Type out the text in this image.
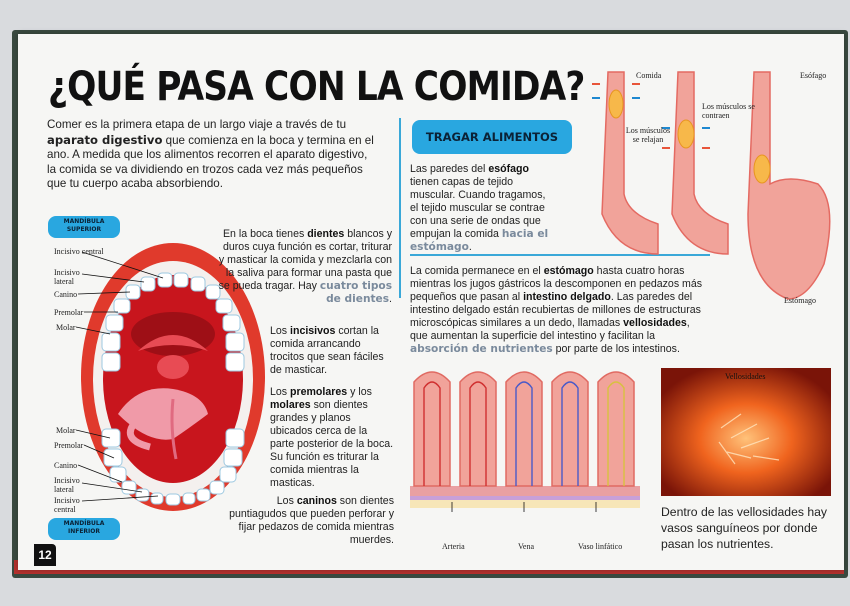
¿QUÉ PASA CON LA COMIDA?
Comer es la primera etapa de un largo viaje a través de tu aparato digestivo que comienza en la boca y termina en el ano. A medida que los alimentos recorren el aparato digestivo, la comida se va dividiendo en trozos cada vez más pequeños que tu cuerpo acaba absorbiendo.
TRAGAR ALIMENTOS
Las paredes del esófago tienen capas de tejido muscular. Cuando tragamos, el tejido muscular se contrae con una serie de ondas que empujan la comida hacia el estómago.
La comida permanece en el estómago hasta cuatro horas mientras los jugos gástricos la descomponen en pedazos más pequeños que pasan al intestino delgado. Las paredes del intestino delgado están recubiertas de millones de estructuras microscópicas similares a un dedo, llamadas vellosidades, que aumentan la superficie del intestino y facilitan la absorción de nutrientes por parte de los intestinos.
MANDÍBULA SUPERIOR
MANDÍBULA INFERIOR
Incisivo central
Incisivo lateral
Canino
Premolar
Molar
Molar
Premolar
Canino
Incisivo lateral
Incisivo central
En la boca tienes dientes blancos y duros cuya función es cortar, triturar y masticar la comida y mezclarla con la saliva para formar una pasta que se pueda tragar. Hay cuatro tipos de dientes.
Los incisivos cortan la comida arrancando trocitos que sean fáciles de masticar.
Los premolares y los molares son dientes grandes y planos ubicados cerca de la parte posterior de la boca. Su función es triturar la comida mientras la masticas.
Los caninos son dientes puntiagudos que pueden perforar y fijar pedazos de comida mientras muerdes.
Comida
Los músculos se contraen
Los músculos se relajan
Esófago
Estómago
Arteria	Vena	Vaso linfático
Vellosidades
Dentro de las vellosidades hay vasos sanguíneos por donde pasan los nutrientes.
12
